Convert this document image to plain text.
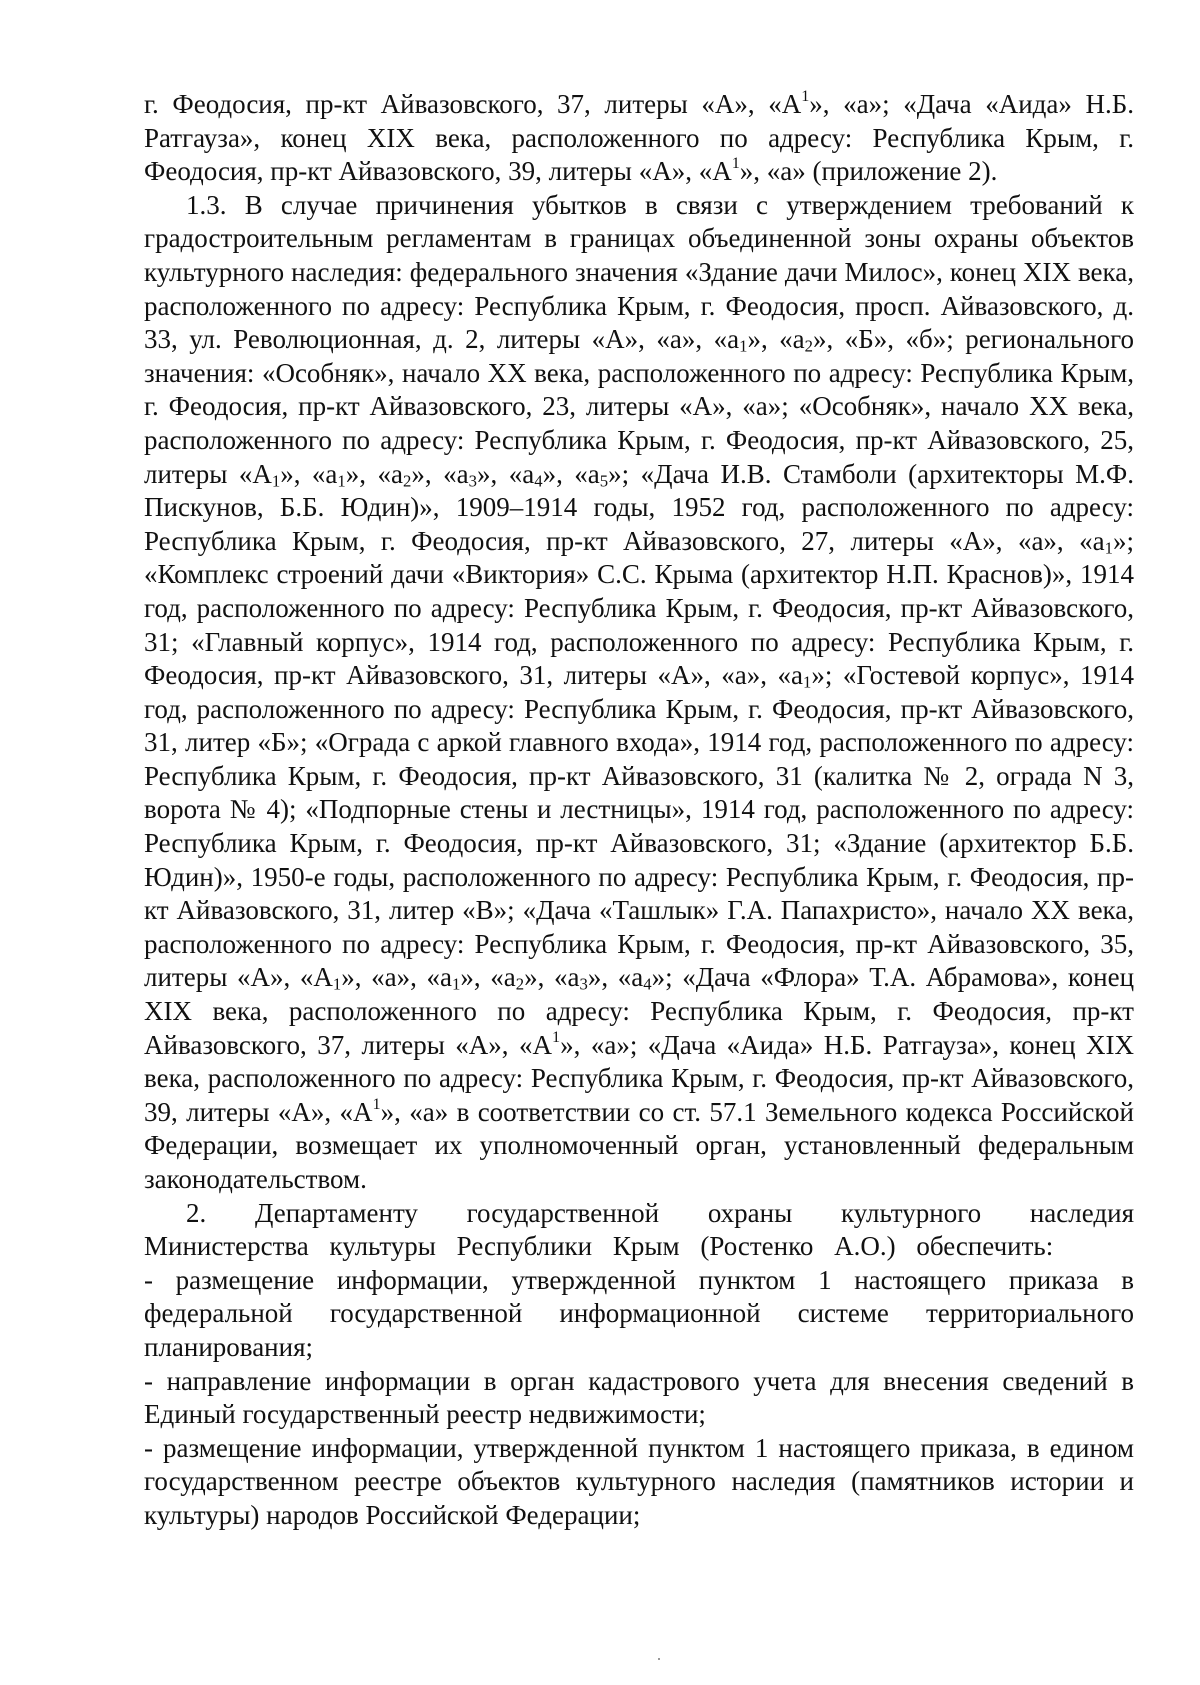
г. Феодосия, пр-кт Айвазовского, 37, литеры «А», «$А^1$», «а»; «Дача «Аида» Н.Б. Ратгауза», конец XIX века, расположенного по адресу: Республика Крым, г. Феодосия, пр-кт Айвазовского, 39, литеры «А», «$А^1$», «а» (приложение 2).

1.3. В случае причинения убытков в связи с утверждением требований к градостроительным регламентам в границах объединенной зоны охраны объектов культурного наследия: федерального значения «Здание дачи Милос», конец XIX века, расположенного по адресу: Республика Крым, г. Феодосия, просп. Айвазовского, д. 33, ул. Революционная, д. 2, литеры «А», «а», «$а_1$», «$а_2$», «Б», «б»; регионального значения: «Особняк», начало XX века, расположенного по адресу: Республика Крым, г. Феодосия, пр-кт Айвазовского, 23, литеры «А», «а»; «Особняк», начало XX века, расположенного по адресу: Республика Крым, г. Феодосия, пр-кт Айвазовского, 25, литеры «$А_1$», «$а_1$», «$а_2$», «$а_3$», «$а_4$», «$а_5$»; «Дача И.В. Стамболи (архитекторы М.Ф. Пискунов, Б.Б. Юдин)», 1909–1914 годы, 1952 год, расположенного по адресу: Республика Крым, г. Феодосия, пр-кт Айвазовского, 27, литеры «А», «а», «$а_1$»; «Комплекс строений дачи «Виктория» С.С. Крыма (архитектор Н.П. Краснов)», 1914 год, расположенного по адресу: Республика Крым, г. Феодосия, пр-кт Айвазовского, 31; «Главный корпус», 1914 год, расположенного по адресу: Республика Крым, г. Феодосия, пр-кт Айвазовского, 31, литеры «А», «а», «$а_1$»; «Гостевой корпус», 1914 год, расположенного по адресу: Республика Крым, г. Феодосия, пр-кт Айвазовского, 31, литер «Б»; «Ограда с аркой главного входа», 1914 год, расположенного по адресу: Республика Крым, г. Феодосия, пр-кт Айвазовского, 31 (калитка № 2, ограда N 3, ворота № 4); «Подпорные стены и лестницы», 1914 год, расположенного по адресу: Республика Крым, г. Феодосия, пр-кт Айвазовского, 31; «Здание (архитектор Б.Б. Юдин)», 1950-е годы, расположенного по адресу: Республика Крым, г. Феодосия, пр-кт Айвазовского, 31, литер «В»; «Дача «Ташлык» Г.А. Папахристо», начало XX века, расположенного по адресу: Республика Крым, г. Феодосия, пр-кт Айвазовского, 35, литеры «А», «$А_1$», «а», «$а_1$», «$а_2$», «$а_3$», «$а_4$»; «Дача «Флора» Т.А. Абрамова», конец XIX века, расположенного по адресу: Республика Крым, г. Феодосия, пр-кт Айвазовского, 37, литеры «А», «$А^1$», «а»; «Дача «Аида» Н.Б. Ратгауза», конец XIX века, расположенного по адресу: Республика Крым, г. Феодосия, пр-кт Айвазовского, 39, литеры «А», «$А^1$», «а» в соответствии со ст. 57.1 Земельного кодекса Российской Федерации, возмещает их уполномоченный орган, установленный федеральным законодательством.

2. Департаменту государственной охраны культурного наследия Министерства культуры Республики Крым (Ростенко А.О.) обеспечить:

- размещение информации, утвержденной пунктом 1 настоящего приказа в федеральной государственной информационной системе территориального планирования;

- направление информации в орган кадастрового учета для внесения сведений в Единый государственный реестр недвижимости;

- размещение информации, утвержденной пунктом 1 настоящего приказа, в едином государственном реестре объектов культурного наследия (памятников истории и культуры) народов Российской Федерации;
